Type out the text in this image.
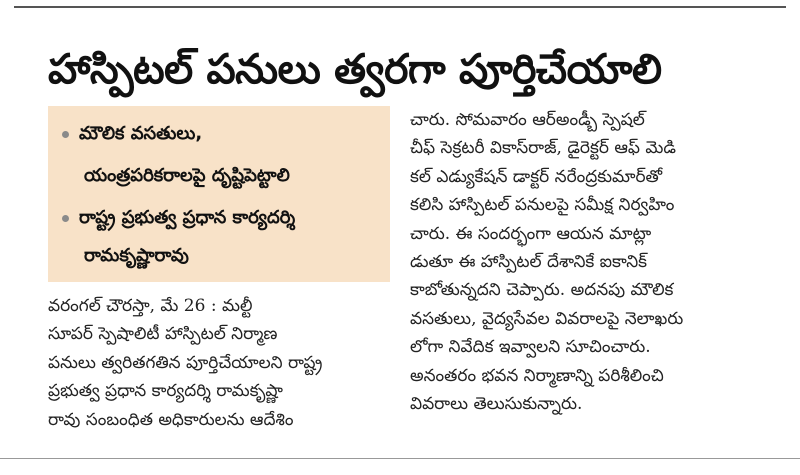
హాస్పిటల్ పనులు త్వరగా పూర్తిచేయాలి
మౌలిక వసతులు,
యంత్రపరికరాలపై దృష్టిపెట్టాలి
రాష్ట్ర ప్రభుత్వ ప్రధాన కార్యదర్శి
రామకృష్ణారావు
వరంగల్ చౌరస్తా, మే 26 : మల్టీ
సూపర్ స్పెషాలిటీ హాస్పిటల్ నిర్మాణ
పనులు త్వరితగతిన పూర్తిచేయాలని రాష్ట్ర
ప్రభుత్వ ప్రధాన కార్యదర్శి రామకృష్ణా
రావు సంబంధిత అధికారులను ఆదేశిం
చారు. సోమవారం ఆర్అండ్బీ స్పెషల్
చీఫ్ సెక్రటరీ వికాస్‌రాజ్, డైరెక్టర్ ఆఫ్ మెడి
కల్ ఎడ్యుకేషన్ డాక్టర్ నరేంద్రకుమార్‌తో
కలిసి హాస్పిటల్ పనులపై సమీక్ష నిర్వహిం
చారు. ఈ సందర్భంగా ఆయన మాట్లా
డుతూ ఈ హాస్పిటల్ దేశానికే ఐకానిక్
కాబోతున్నదని చెప్పారు. అదనపు మౌలిక
వసతులు, వైద్యసేవల వివరాలపై నెలాఖరు
లోగా నివేదిక ఇవ్వాలని సూచించారు.
అనంతరం భవన నిర్మాణాన్ని పరిశీలించి
వివరాలు తెలుసుకున్నారు.
